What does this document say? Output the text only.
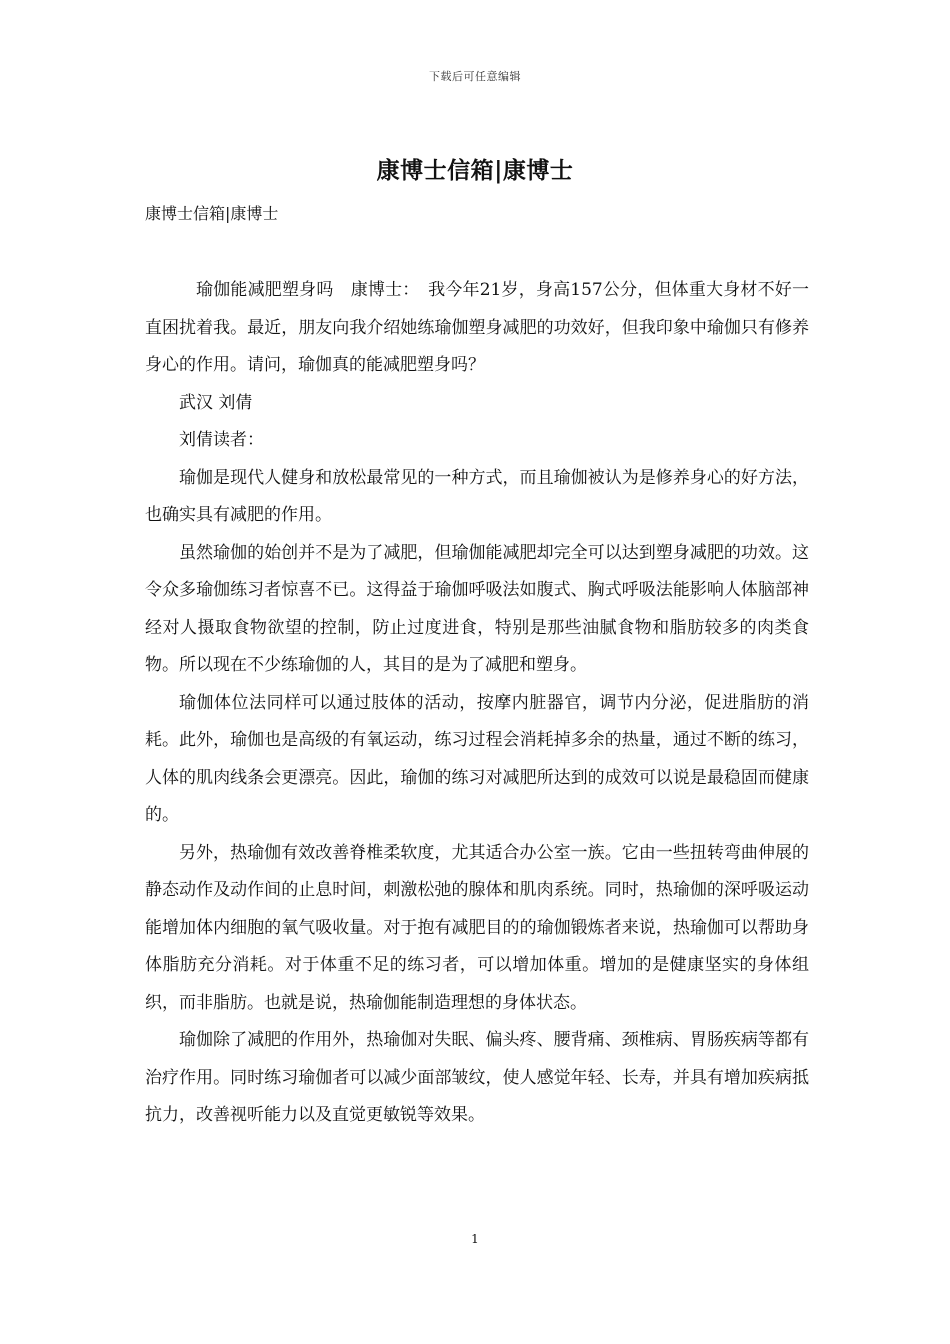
下载后可任意编辑
康博士信箱|康博士
康博士信箱|康博士

瑜伽能减肥塑身吗　康博士：　我今年21岁，身高157公分，但体重大身材不好一直困扰着我。最近，朋友向我介绍她练瑜伽塑身减肥的功效好，但我印象中瑜伽只有修养身心的作用。请问，瑜伽真的能减肥塑身吗？

武汉 刘倩

刘倩读者：

瑜伽是现代人健身和放松最常见的一种方式，而且瑜伽被认为是修养身心的好方法，也确实具有减肥的作用。

虽然瑜伽的始创并不是为了减肥，但瑜伽能减肥却完全可以达到塑身减肥的功效。这令众多瑜伽练习者惊喜不已。这得益于瑜伽呼吸法如腹式、胸式呼吸法能影响人体脑部神经对人摄取食物欲望的控制，防止过度进食，特别是那些油腻食物和脂肪较多的肉类食物。所以现在不少练瑜伽的人，其目的是为了减肥和塑身。

瑜伽体位法同样可以通过肢体的活动，按摩内脏器官，调节内分泌，促进脂肪的消耗。此外，瑜伽也是高级的有氧运动，练习过程会消耗掉多余的热量，通过不断的练习，人体的肌肉线条会更漂亮。因此，瑜伽的练习对减肥所达到的成效可以说是最稳固而健康的。

另外，热瑜伽有效改善脊椎柔软度，尤其适合办公室一族。它由一些扭转弯曲伸展的静态动作及动作间的止息时间，刺激松弛的腺体和肌肉系统。同时，热瑜伽的深呼吸运动能增加体内细胞的氧气吸收量。对于抱有减肥目的的瑜伽锻炼者来说，热瑜伽可以帮助身体脂肪充分消耗。对于体重不足的练习者，可以增加体重。增加的是健康坚实的身体组织，而非脂肪。也就是说，热瑜伽能制造理想的身体状态。

瑜伽除了减肥的作用外，热瑜伽对失眠、偏头疼、腰背痛、颈椎病、胃肠疾病等都有治疗作用。同时练习瑜伽者可以减少面部皱纹，使人感觉年轻、长寿，并具有增加疾病抵抗力，改善视听能力以及直觉更敏锐等效果。

1
